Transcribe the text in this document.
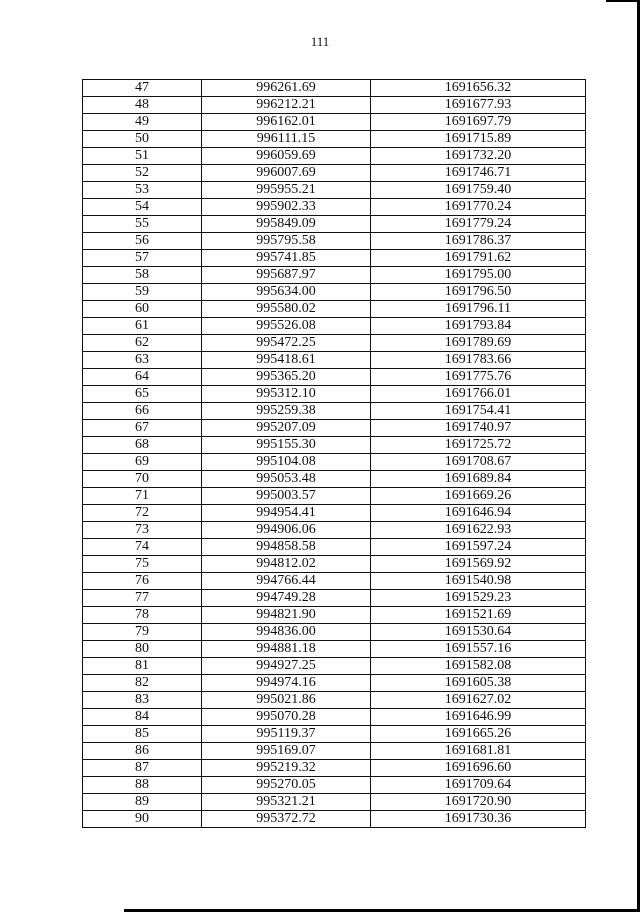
111
47	996261.69	1691656.32
48	996212.21	1691677.93
49	996162.01	1691697.79
50	996111.15	1691715.89
51	996059.69	1691732.20
52	996007.69	1691746.71
53	995955.21	1691759.40
54	995902.33	1691770.24
55	995849.09	1691779.24
56	995795.58	1691786.37
57	995741.85	1691791.62
58	995687.97	1691795.00
59	995634.00	1691796.50
60	995580.02	1691796.11
61	995526.08	1691793.84
62	995472.25	1691789.69
63	995418.61	1691783.66
64	995365.20	1691775.76
65	995312.10	1691766.01
66	995259.38	1691754.41
67	995207.09	1691740.97
68	995155.30	1691725.72
69	995104.08	1691708.67
70	995053.48	1691689.84
71	995003.57	1691669.26
72	994954.41	1691646.94
73	994906.06	1691622.93
74	994858.58	1691597.24
75	994812.02	1691569.92
76	994766.44	1691540.98
77	994749.28	1691529.23
78	994821.90	1691521.69
79	994836.00	1691530.64
80	994881.18	1691557.16
81	994927.25	1691582.08
82	994974.16	1691605.38
83	995021.86	1691627.02
84	995070.28	1691646.99
85	995119.37	1691665.26
86	995169.07	1691681.81
87	995219.32	1691696.60
88	995270.05	1691709.64
89	995321.21	1691720.90
90	995372.72	1691730.36
